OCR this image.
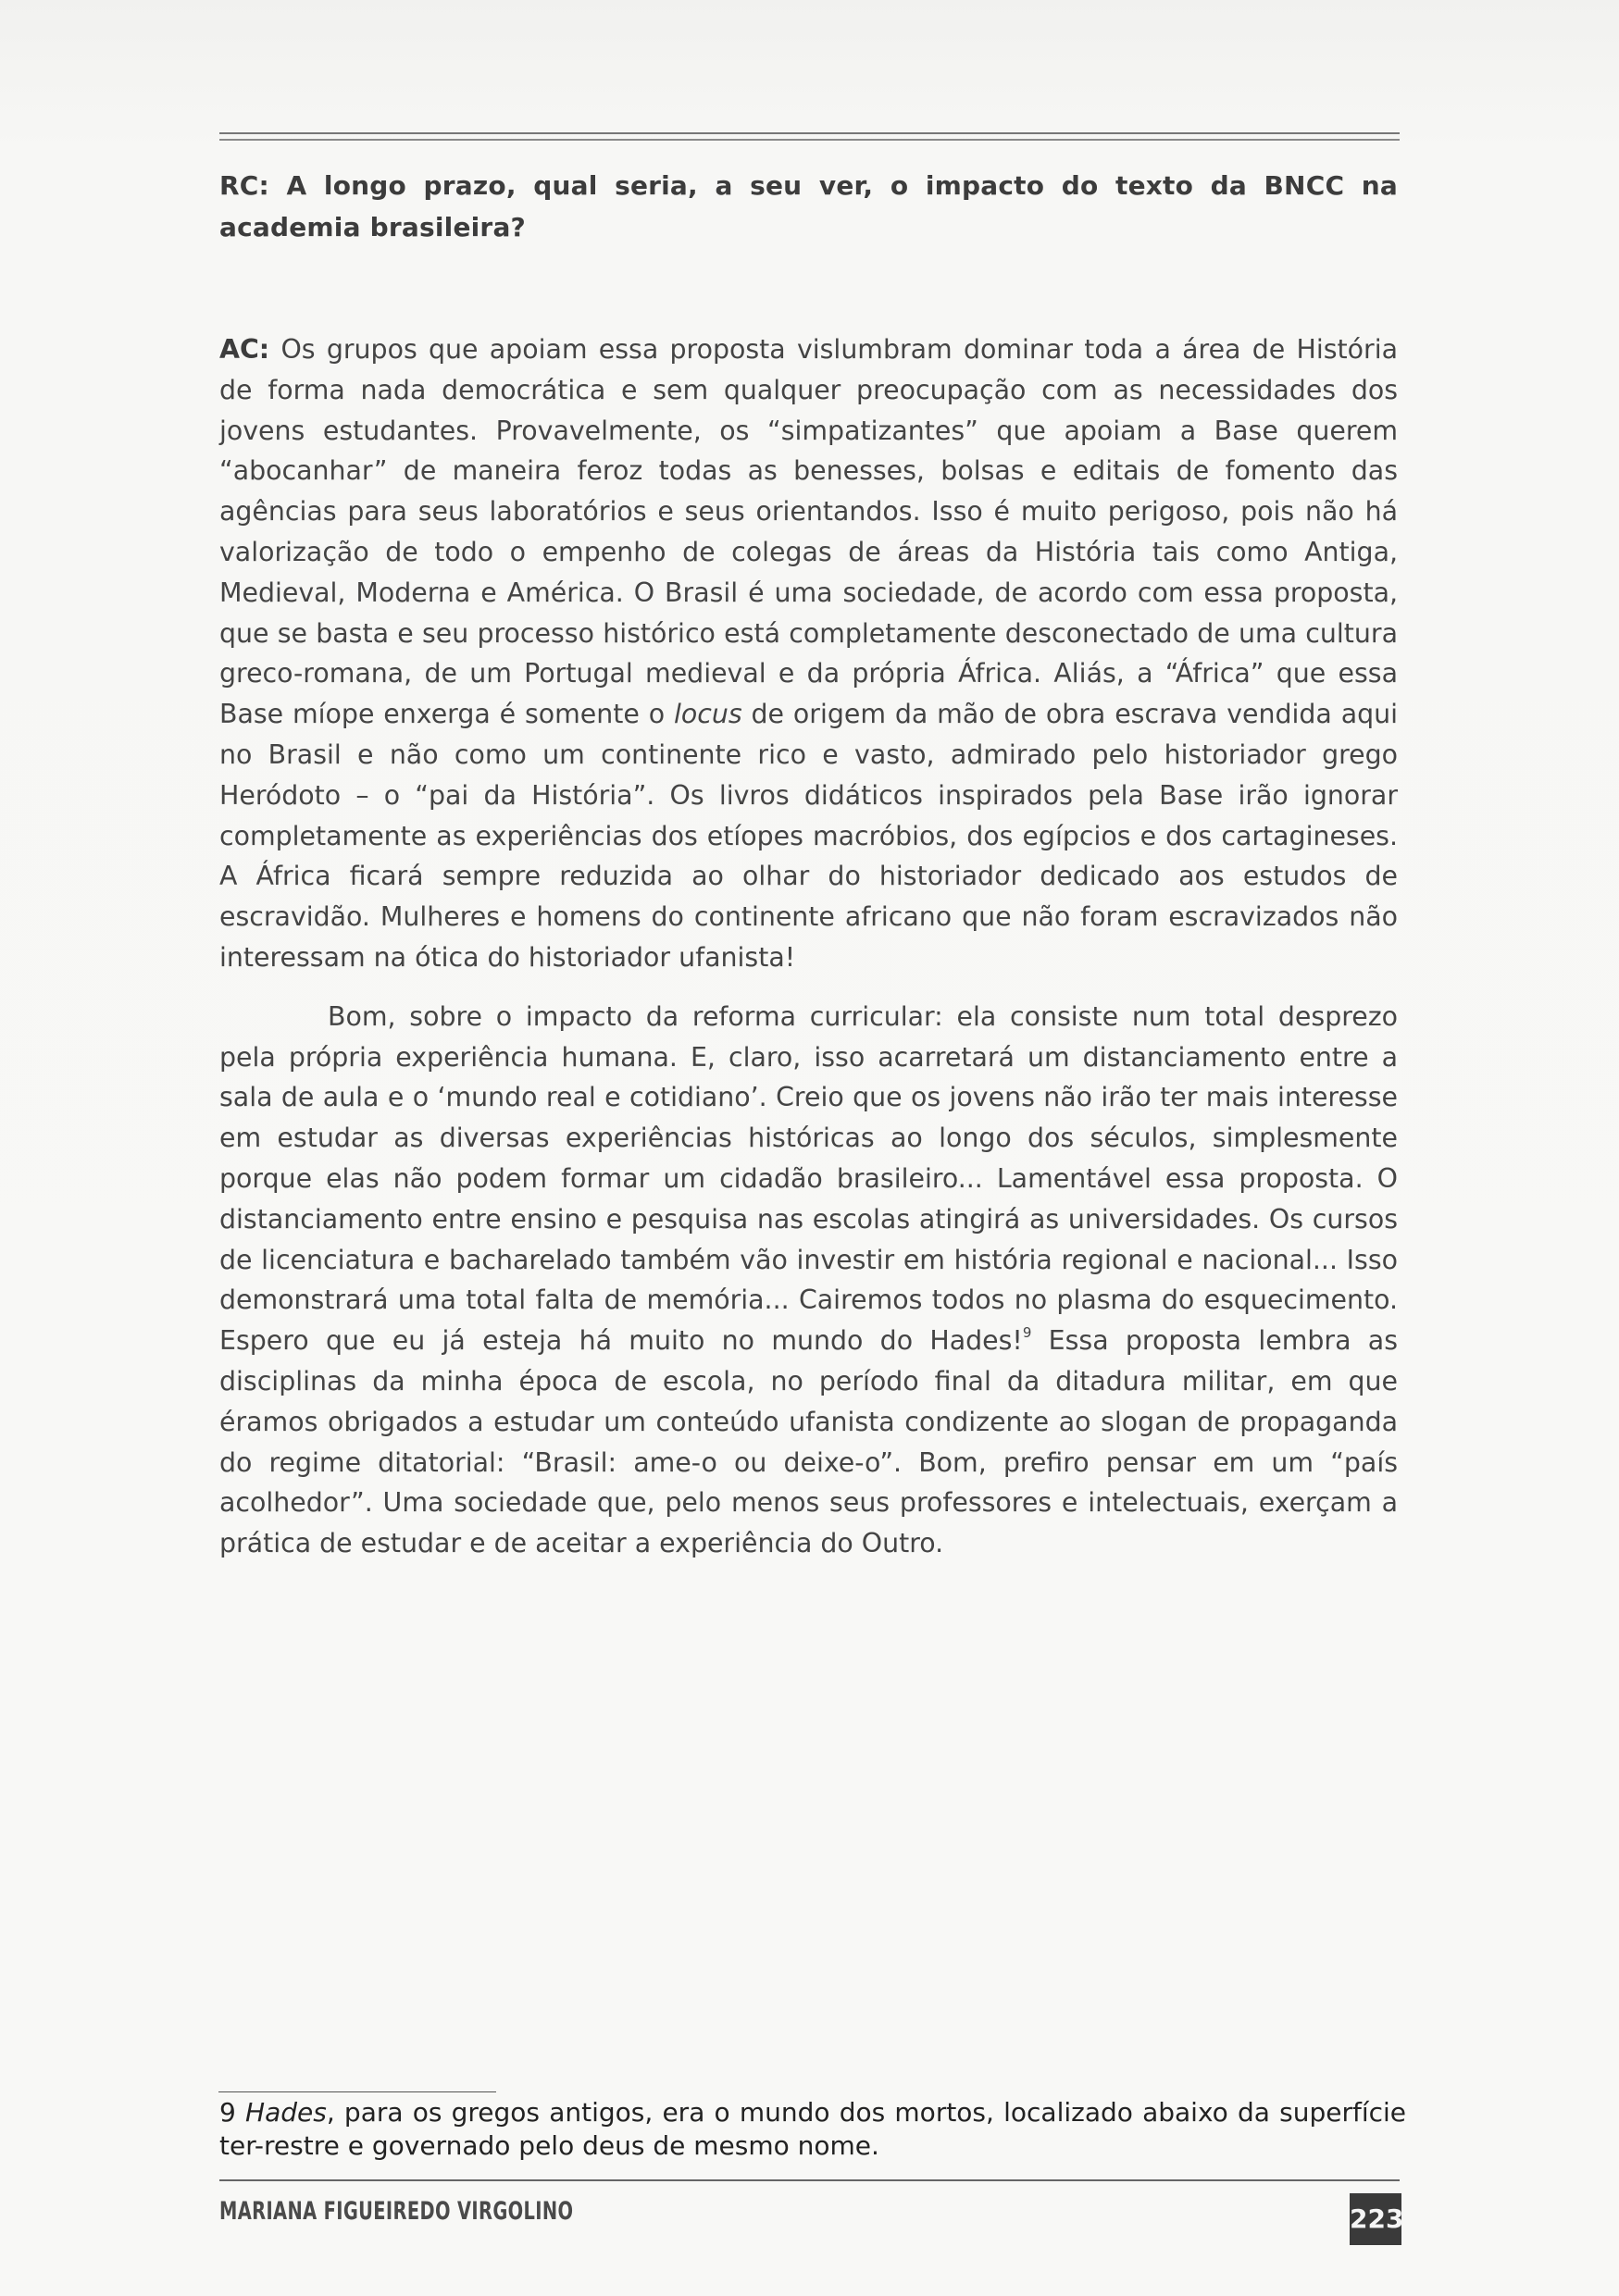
RC: A longo prazo, qual seria, a seu ver, o impacto do texto da BNCC na academia brasileira?

AC: Os grupos que apoiam essa proposta vislumbram dominar toda a área de História de forma nada democrática e sem qualquer preocupação com as necessidades dos jovens estudantes. Provavelmente, os “simpatizantes” que apoiam a Base querem “abocanhar” de maneira feroz todas as benesses, bolsas e editais de fomento das agências para seus laboratórios e seus orientandos. Isso é muito perigoso, pois não há valorização de todo o empenho de colegas de áreas da História tais como Antiga, Medieval, Moderna e América. O Brasil é uma sociedade, de acordo com essa proposta, que se basta e seu processo histórico está completamente desconectado de uma cultura greco-romana, de um Portugal medieval e da própria África. Aliás, a “África” que essa Base míope enxerga é somente o locus de origem da mão de obra escrava vendida aqui no Brasil e não como um continente rico e vasto, admirado pelo historiador grego Heródoto – o “pai da História”. Os livros didáticos inspirados pela Base irão ignorar completamente as experiências dos etíopes macróbios, dos egípcios e dos cartagineses. A África ficará sempre reduzida ao olhar do historiador dedicado aos estudos de escravidão. Mulheres e homens do continente africano que não foram escravizados não interessam na ótica do historiador ufanista!

Bom, sobre o impacto da reforma curricular: ela consiste num total desprezo pela própria experiência humana. E, claro, isso acarretará um distanciamento entre a sala de aula e o ‘mundo real e cotidiano’. Creio que os jovens não irão ter mais interesse em estudar as diversas experiências históricas ao longo dos séculos, simplesmente porque elas não podem formar um cidadão brasileiro... Lamentável essa proposta. O distanciamento entre ensino e pesquisa nas escolas atingirá as universidades. Os cursos de licenciatura e bacharelado também vão investir em história regional e nacional... Isso demonstrará uma total falta de memória... Cairemos todos no plasma do esquecimento. Espero que eu já esteja há muito no mundo do Hades!$^9$ Essa proposta lembra as disciplinas da minha época de escola, no período final da ditadura militar, em que éramos obrigados a estudar um conteúdo ufanista condizente ao slogan de propaganda do regime ditatorial: “Brasil: ame-o ou deixe-o”. Bom, prefiro pensar em um “país acolhedor”. Uma sociedade que, pelo menos seus professores e intelectuais, exerçam a prática de estudar e de aceitar a experiência do Outro.

9 Hades, para os gregos antigos, era o mundo dos mortos, localizado abaixo da superfície ter-restre e governado pelo deus de mesmo nome.
MARIANA FIGUEIREDO VIRGOLINO	223
